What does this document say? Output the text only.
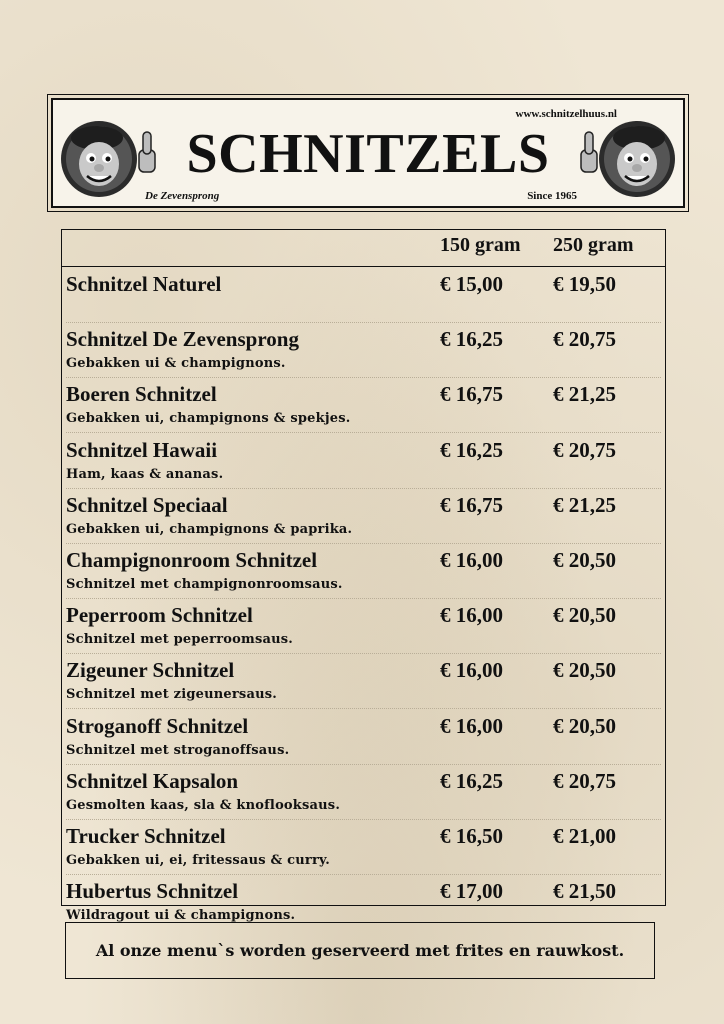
www.schnitzelhuus.nl
SCHNITZELS
De Zevensprong	Since 1965
150 gram 250 gram
Schnitzel Naturel	€ 15,00 € 19,50
Schnitzel De Zevensprong
Gebakken ui & champignons.
€ 16,25 € 20,75
Boeren Schnitzel
Gebakken ui, champignons & spekjes.
€ 16,75 € 21,25
Schnitzel Hawaii
Ham, kaas & ananas.
€ 16,25 € 20,75
Schnitzel Speciaal
Gebakken ui, champignons & paprika.
€ 16,75 € 21,25
Champignonroom Schnitzel
Schnitzel met champignonroomsaus.
€ 16,00 € 20,50
Peperroom Schnitzel
Schnitzel met peperroomsaus.
€ 16,00 € 20,50
Zigeuner Schnitzel
Schnitzel met zigeunersaus.
€ 16,00 € 20,50
Stroganoff Schnitzel
Schnitzel met stroganoffsaus.
€ 16,00 € 20,50
Schnitzel Kapsalon
Gesmolten kaas, sla & knoflooksaus.
€ 16,25 € 20,75
Trucker Schnitzel
Gebakken ui, ei, fritessaus & curry.
€ 16,50 € 21,00
Hubertus Schnitzel
Wildragout ui & champignons.
€ 17,00 € 21,50
Al onze menu`s worden geserveerd met frites en rauwkost.
